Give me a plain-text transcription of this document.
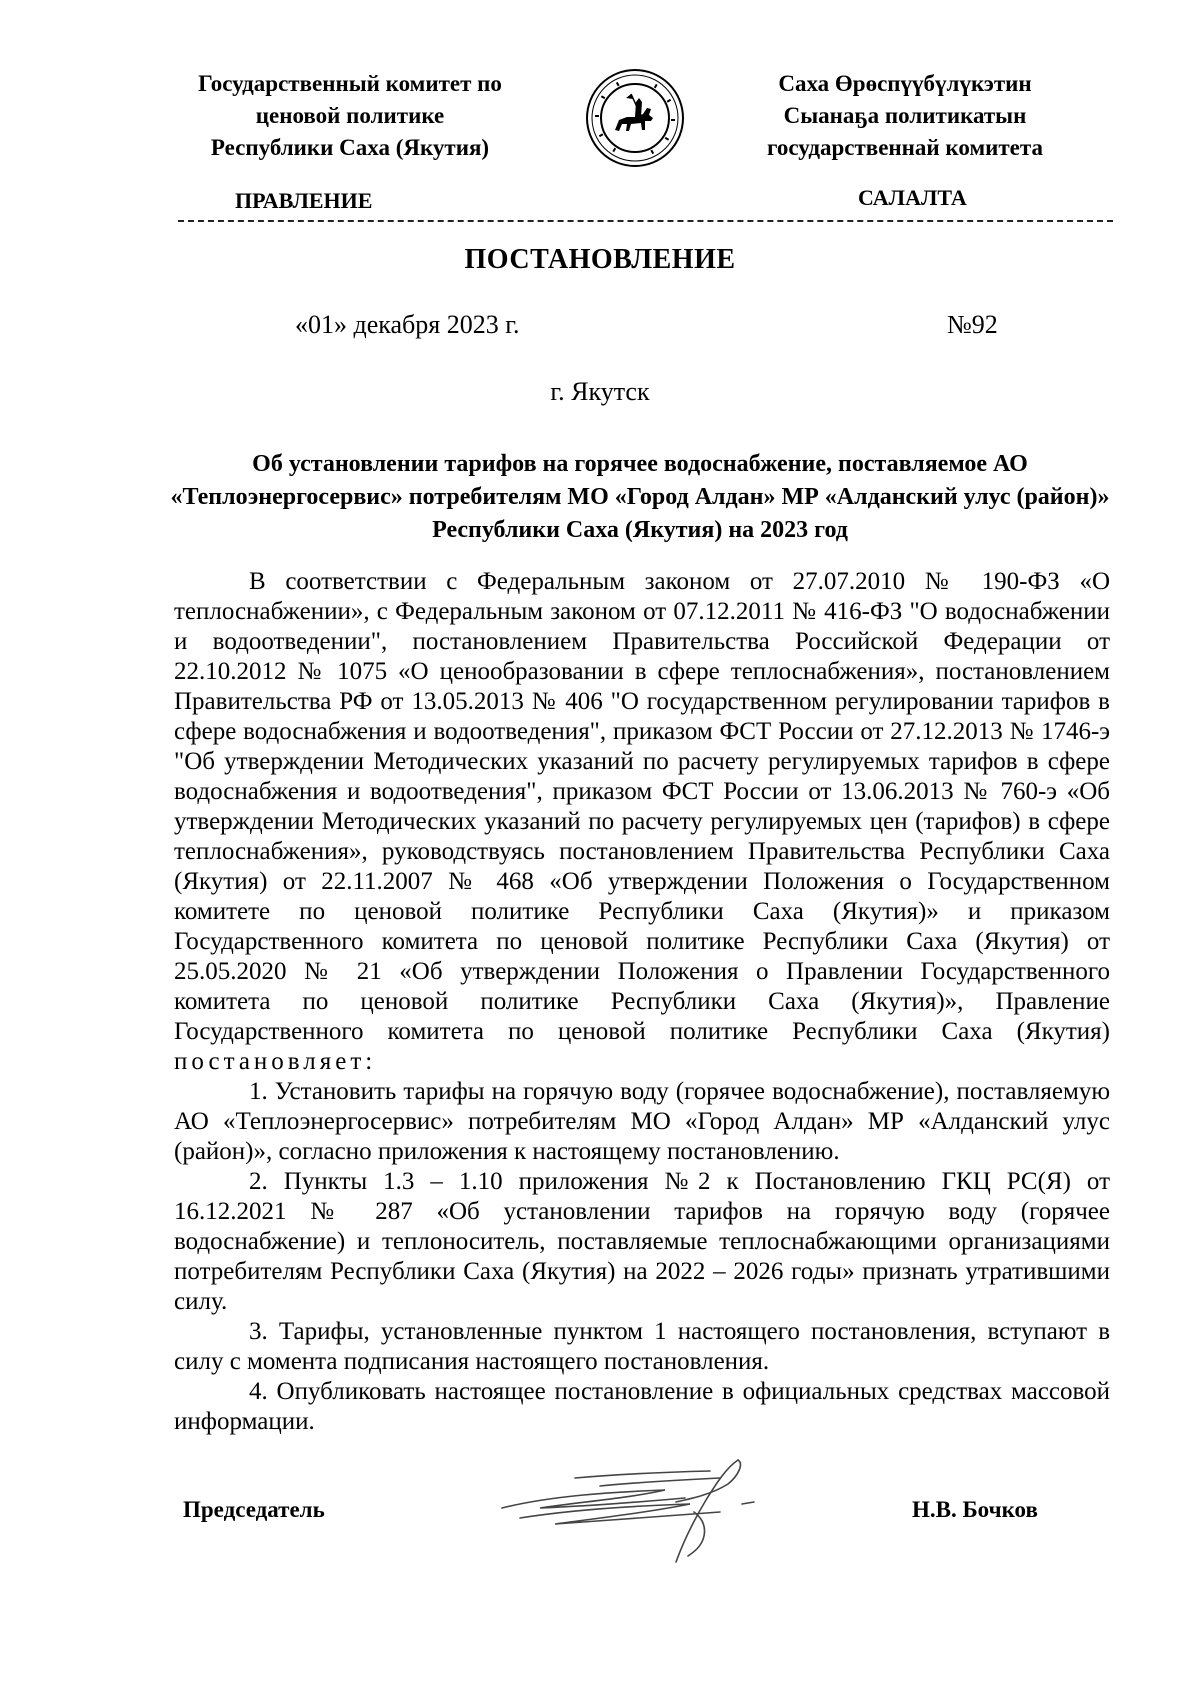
Государственный комитет по
ценовой политике
Республики Саха (Якутия)
Саха Өрөспүүбүлүкэтин
Сыанаҕа политикатын
государственнай комитета
ПРАВЛЕНИЕ	САЛАЛТА
ПОСТАНОВЛЕНИЕ
«01» декабря 2023 г.	№92
г. Якутск
Об установлении тарифов на горячее водоснабжение, поставляемое АО «Теплоэнергосервис» потребителям МО «Город Алдан» МР «Алданский улус (район)» Республики Саха (Якутия) на 2023 год

В соответствии с Федеральным законом от 27.07.2010 № 190-ФЗ «О теплоснабжении», с Федеральным законом от 07.12.2011 № 416-ФЗ "О водоснабжении и водоотведении", постановлением Правительства Российской Федерации от 22.10.2012 № 1075 «О ценообразовании в сфере теплоснабжения», постановлением Правительства РФ от 13.05.2013 № 406 "О государственном регулировании тарифов в сфере водоснабжения и водоотведения", приказом ФСТ России от 27.12.2013 № 1746-э "Об утверждении Методических указаний по расчету регулируемых тарифов в сфере водоснабжения и водоотведения", приказом ФСТ России от 13.06.2013 № 760-э «Об утверждении Методических указаний по расчету регулируемых цен (тарифов) в сфере теплоснабжения», руководствуясь постановлением Правительства Республики Саха (Якутия) от 22.11.2007 № 468 «Об утверждении Положения о Государственном комитете по ценовой политике Республики Саха (Якутия)» и приказом Государственного комитета по ценовой политике Республики Саха (Якутия) от 25.05.2020 № 21 «Об утверждении Положения о Правлении Государственного комитета по ценовой политике Республики Саха (Якутия)», Правление Государственного комитета по ценовой политике Республики Саха (Якутия) постановляет:

1. Установить тарифы на горячую воду (горячее водоснабжение), поставляемую АО «Теплоэнергосервис» потребителям МО «Город Алдан» МР «Алданский улус (район)», согласно приложения к настоящему постановлению.

2. Пункты 1.3 – 1.10 приложения №2 к Постановлению ГКЦ РС(Я) от 16.12.2021 № 287 «Об установлении тарифов на горячую воду (горячее водоснабжение) и теплоноситель, поставляемые теплоснабжающими организациями потребителям Республики Саха (Якутия) на 2022 – 2026 годы» признать утратившими силу.

3. Тарифы, установленные пунктом 1 настоящего постановления, вступают в силу с момента подписания настоящего постановления.

4. Опубликовать настоящее постановление в официальных средствах массовой информации.

Председатель	Н.В. Бочков
